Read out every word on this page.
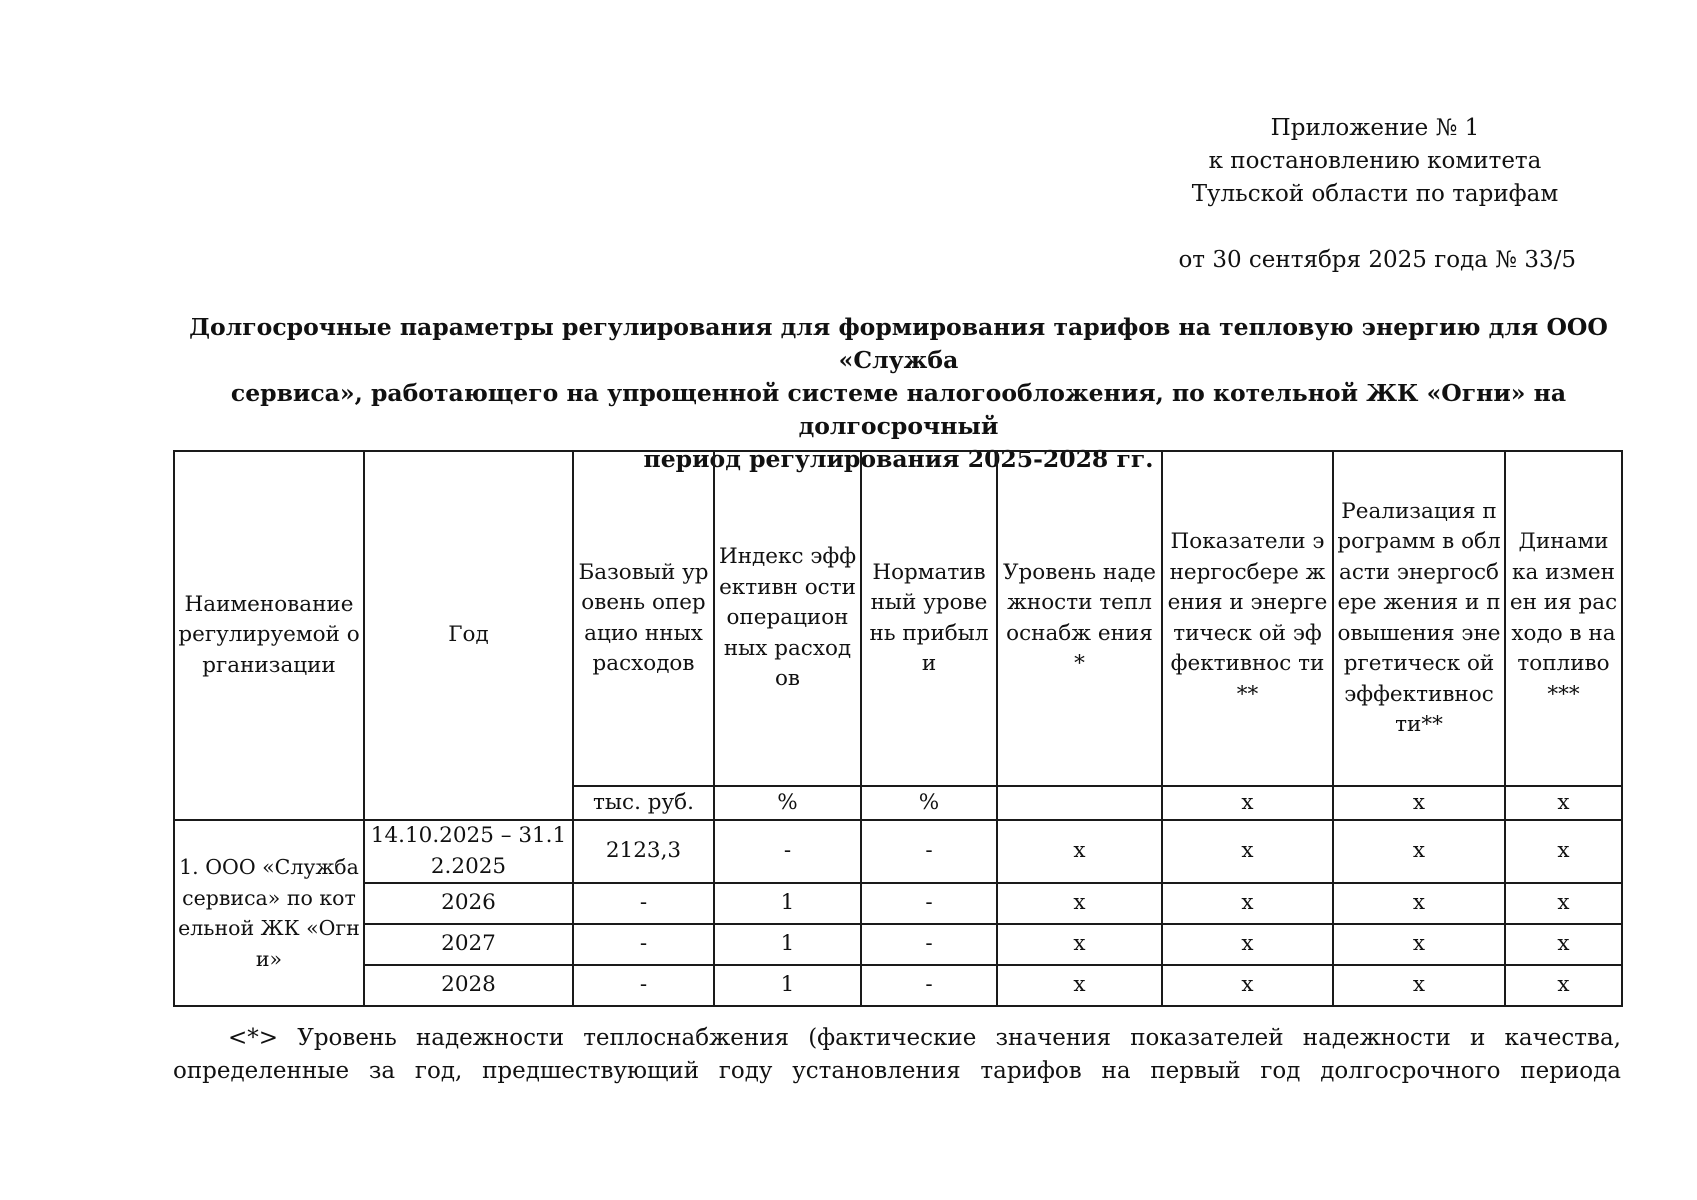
Приложение № 1
к постановлению комитета
Тульской области по тарифам
от 30 сентября 2025 года № 33/5
Долгосрочные параметры регулирования для формирования тарифов на тепловую энергию для ООО «Служба
сервиса», работающего на упрощенной системе налогообложения, по котельной ЖК «Огни» на долгосрочный
период регулирования 2025-2028 гг.
Наименование регулируемой организации	Год	Базовый уровень операцио нных расходов	Индекс эффективн ости операцион ных расходов	Норматив ный уровень прибыли	Уровень надежности теплоснабж ения*	Показатели энергосбере жения и энергетическ ой эффективнос ти**	Реализация программ в области энергосбере жения и повышения энергетическ ой эффективнос ти**	Динами ка изменен ия расходо в на топливо ***
		тыс. руб.	%	%		x	x	x
1. ООО «Служба сервиса» по котельной ЖК «Огни»	14.10.2025 – 31.12.2025	2123,3	-	-	x	x	x	x
	2026	-	1	-	x	x	x	x
	2027	-	1	-	x	x	x	x
	2028	-	1	-	x	x	x	x
<*> Уровень надежности теплоснабжения (фактические значения показателей надежности и качества,
определенные за год, предшествующий году установления тарифов на первый год долгосрочного периода
